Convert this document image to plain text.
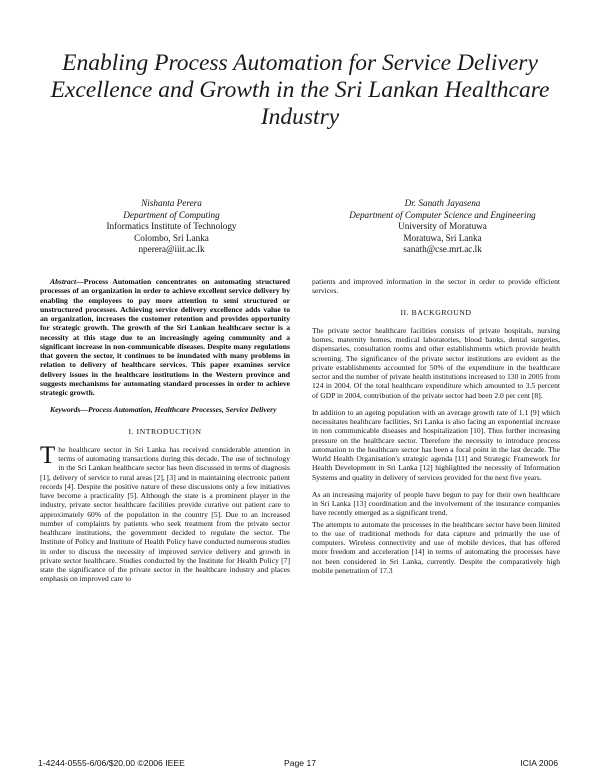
Enabling Process Automation for Service Delivery Excellence and Growth in the Sri Lankan Healthcare Industry
Nishanta Perera
Department of Computing
Informatics Institute of Technology
Colombo, Sri Lanka
nperera@iiit.ac.lk
Dr. Sanath Jayasena
Department of Computer Science and Engineering
University of Moratuwa
Moratuwa, Sri Lanka
sanath@cse.mrt.ac.lk

Abstract—Process Automation concentrates on automating structured processes of an organization in order to achieve excellent service delivery by enabling the employees to pay more attention to semi structured or unstructured processes. Achieving service delivery excellence adds value to an organization, increases the customer retention and provides opportunity for strategic growth. The growth of the Sri Lankan healthcare sector is a necessity at this stage due to an increasingly ageing community and a significant increase in non-communicable diseases. Despite many regulations that govern the sector, it continues to be inundated with many problems in relation to delivery of healthcare services. This paper examines service delivery issues in the healthcare institutions in the Western province and suggests mechanisms for automating standard processes in order to achieve strategic growth.

Keywords—Process Automation, Healthcare Processes, Service Delivery

I. INTRODUCTION

The healthcare sector in Sri Lanka has received considerable attention in terms of automating transactions during this decade. The use of technology in the Sri Lankan healthcare sector has been discussed in terms of diagnosis [1], delivery of service to rural areas [2], [3] and in maintaining electronic patient records [4]. Despite the positive nature of these discussions only a few initiatives have become a practicality [5]. Although the state is a prominent player in the industry, private sector healthcare facilities provide curative out patient care to approximately 60% of the population in the country [5]. Due to an increased number of complaints by patients who seek treatment from the private sector healthcare institutions, the government decided to regulate the sector. The Institute of Policy and Institute of Health Policy have conducted numerous studies in order to discuss the necessity of improved service delivery and growth in private sector healthcare. Studies conducted by the Institute for Health Policy [7] state the significance of the private sector in the healthcare industry and places emphasis on improved care to

patients and improved information in the sector in order to provide efficient services.

II. BACKGROUND

The private sector healthcare facilities consists of private hospitals, nursing homes, maternity homes, medical laboratories, blood banks, dental surgeries, dispensaries, consultation rooms and other establishments which provide health screening. The significance of the private sector institutions are evident as the private establishments accounted for 50% of the expenditure in the healthcare sector and the number of private health institutions increased to 130 in 2005 from 124 in 2004. Of the total healthcare expenditure which amounted to 3.5 percent of GDP in 2004, contribution of the private sector had been 2.0 per cent [8].

In addition to an ageing population with an average growth rate of 1.1 [9] which necessitates healthcare facilities, Sri Lanka is also facing an exponential increase in non communicable diseases and hospitalization [10]. Thus further increasing pressure on the healthcare sector. Therefore the necessity to introduce process automation to the healthcare sector has been a focal point in the last decade. The World Health Organisation's strategic agenda [11] and Strategic Framework for Health Development in Sri Lanka [12] highlighted the necessity of Information Systems and quality in delivery of services provided for the next five years.

As an increasing majority of people have begun to pay for their own healthcare in Sri Lanka [13] coordination and the involvement of the insurance companies have recently emerged as a significant trend.

The attempts to automate the processes in the healthcare sector have been limited to the use of traditional methods for data capture and primarily the use of computers. Wireless connectivity and use of mobile devices, that has offered more freedom and acceleration [14] in terms of automating the processes have not been considered in Sri Lanka, currently. Despite the comparatively high mobile penetration of 17.3

1-4244-0555-6/06/$20.00 ©2006 IEEE	Page 17	ICIA 2006
